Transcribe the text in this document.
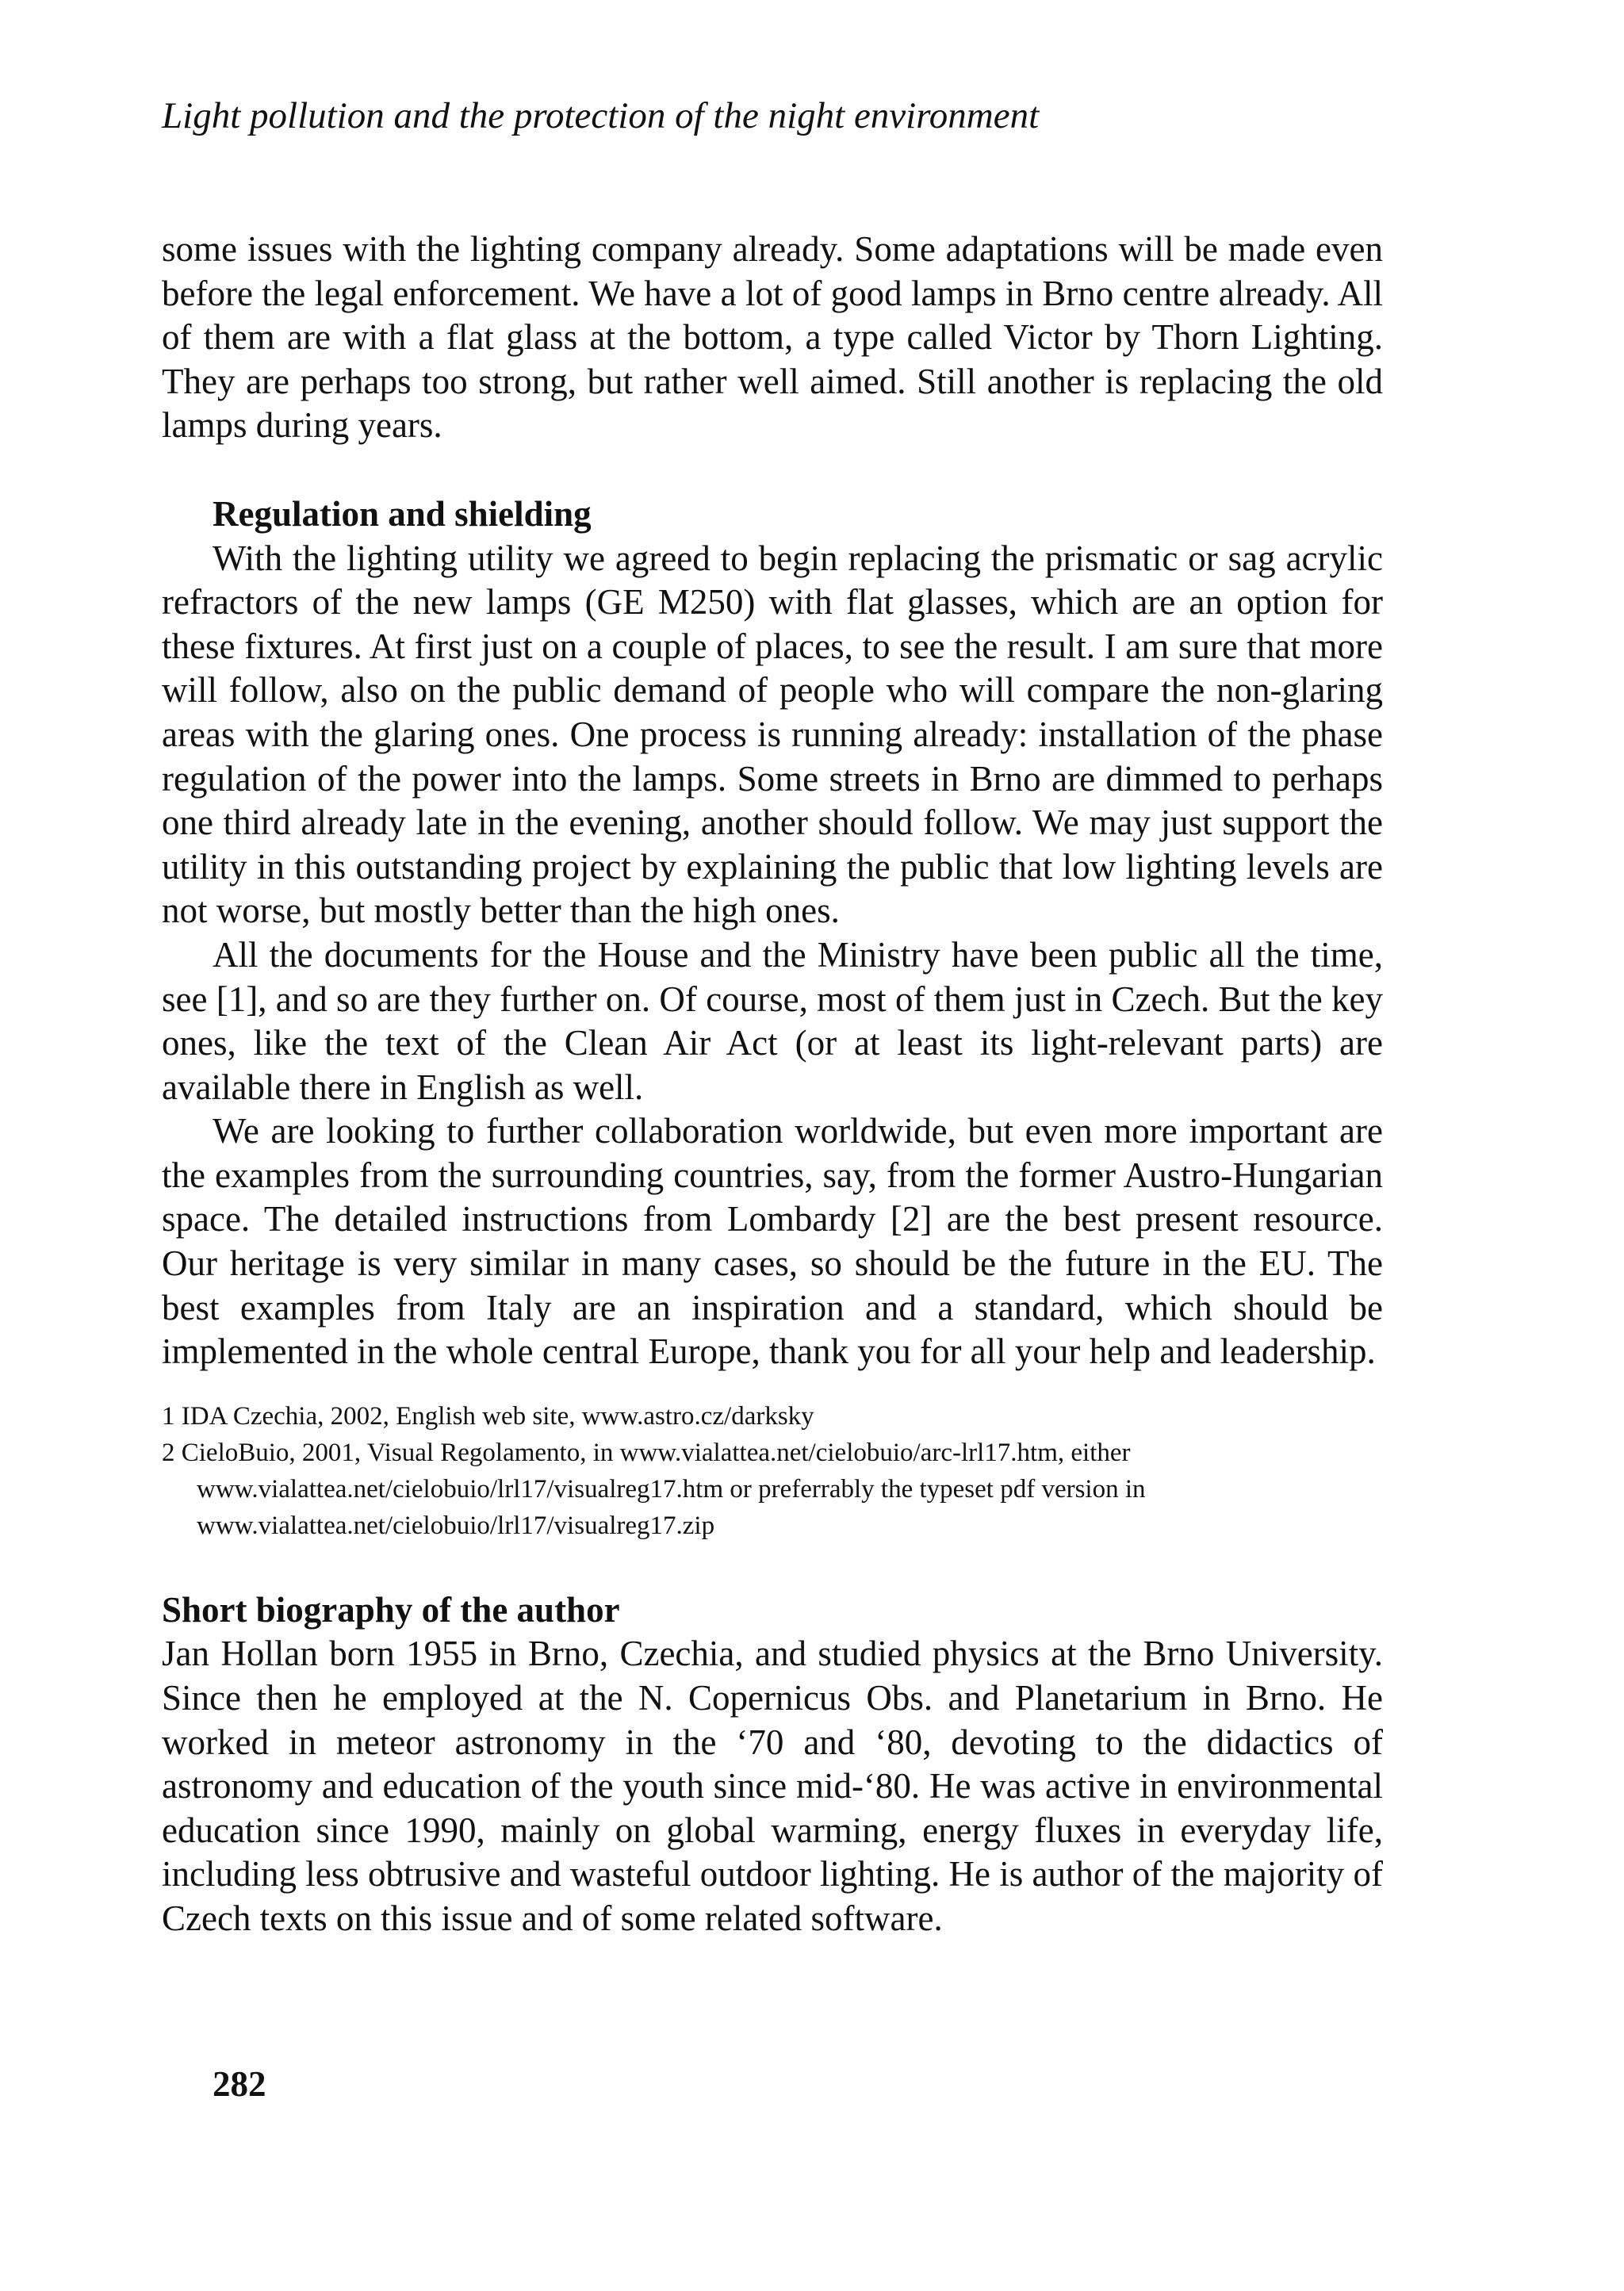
Light pollution and the protection of the night environment

some issues with the lighting company already. Some adaptations will be made even before the legal enforcement. We have a lot of good lamps in Brno centre already. All of them are with a flat glass at the bottom, a type called Victor by Thorn Lighting. They are perhaps too strong, but rather well aimed. Still another is replacing the old lamps during years.

Regulation and shielding

With the lighting utility we agreed to begin replacing the prismatic or sag acrylic refractors of the new lamps (GE M250) with flat glasses, which are an option for these fixtures. At first just on a couple of places, to see the result. I am sure that more will follow, also on the public demand of people who will compare the non-glaring areas with the glaring ones. One process is running already: installation of the phase regulation of the power into the lamps. Some streets in Brno are dimmed to perhaps one third already late in the evening, another should follow. We may just support the utility in this outstanding project by explaining the public that low lighting levels are not worse, but mostly better than the high ones.

All the documents for the House and the Ministry have been public all the time, see [1], and so are they further on. Of course, most of them just in Czech. But the key ones, like the text of the Clean Air Act (or at least its light-relevant parts) are available there in English as well.

We are looking to further collaboration worldwide, but even more important are the examples from the surrounding countries, say, from the former Austro-Hungarian space. The detailed instructions from Lombardy [2] are the best present resource. Our heritage is very similar in many cases, so should be the future in the EU. The best examples from Italy are an inspiration and a standard, which should be implemented in the whole central Europe, thank you for all your help and leadership.

1 IDA Czechia, 2002, English web site, www.astro.cz/darksky

2 CieloBuio, 2001, Visual Regolamento, in www.vialattea.net/cielobuio/arc-lrl17.htm, either www.vialattea.net/cielobuio/lrl17/visualreg17.htm or preferrably the typeset pdf version in www.vialattea.net/cielobuio/lrl17/visualreg17.zip

Short biography of the author

Jan Hollan born 1955 in Brno, Czechia, and studied physics at the Brno University. Since then he employed at the N. Copernicus Obs. and Planetarium in Brno. He worked in meteor astronomy in the ‘70 and ‘80, devoting to the didactics of astronomy and education of the youth since mid-‘80. He was active in environmental education since 1990, mainly on global warming, energy fluxes in everyday life, including less obtrusive and wasteful outdoor lighting. He is author of the majority of Czech texts on this issue and of some related software.

282
